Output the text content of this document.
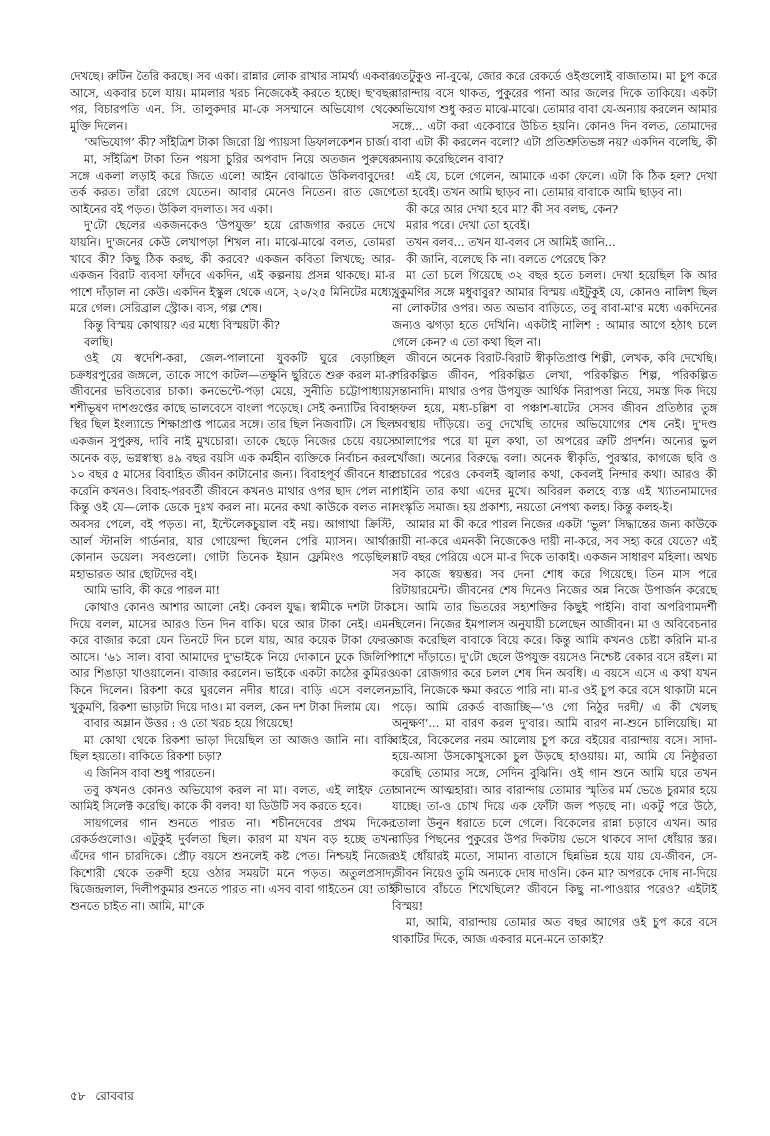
দেখছে। রুটিন তৈরি করছে। সব একা। রান্নার লোক রাখার সামর্থ্য একবার আসে, একবার চলে যায়। মামলার খরচ নিজেকেই করতে হচ্ছে। ছ'বছর পর, বিচারপতি এন. সি. তালুকদার মা-কে সসম্মানে অভিযোগ থেকে মুক্তি দিলেন।

‘অভিযোগ’ কী? সাঁইত্রিশ টাকা জিরো থ্রি প্যায়সা ডিফালকেশন চার্জ।

মা, সাঁইত্রিশ টাকা তিন পয়সা চুরির অপবাদ নিয়ে অতজন পুরুষের সঙ্গে একলা লড়াই করে জিতে এলে! আইন বোঝাতে উকিলবাবুদের! তর্ক করত। তাঁরা রেগে যেতেন। আবার মেনেও নিতেন। রাত জেগে আইনের বই পড়ত। উকিল বদলাত। সব একা।

দু'টো ছেলের একজনকেও ‘উপযুক্ত’ হয়ে রোজগার করতে দেখে যায়নি। দু'জনের কেউ লেখাপড়া শিখল না। মাঝে-মাঝে বলত, তোমরা খাবে কী? কিছু ঠিক করছ, কী করবে? একজন কবিতা লিখছে; আর-একজন বিরাট ব্যবসা ফাঁদবে একদিন, এই কল্পনায় প্রসন্ন থাকছে। মা-র পাশে দাঁড়াল না কেউ। একদিন ইস্কুল থেকে এসে, ২০/২৫ মিনিটের মধ্যে, মরে গেল। সেরিব্রাল স্ট্রোক। ব্যস, গল্প শেষ।

কিন্তু বিস্ময় কোথায়? এর মধ্যে বিস্ময়টা কী?

বলছি।

ওই যে স্বদেশি-করা, জেল-পালানো যুবকটি ঘুরে বেড়াচ্ছিল চক্রধরপুরের জঙ্গলে, তাকে সাপে কাটল—তক্ষুনি ছুরিতে শুরু করল মা-র জীবনের ভবিতব্যের চাকা। কনভেন্টে-পড়া মেয়ে, সুনীতি চট্টোপাধ্যায়, শশীভূষণ দাশগুপ্তের কাছে ভালবেসে বাংলা পড়েছে। সেই কন্যাটির বিবাহ স্থির ছিল ইংল্যান্ডে শিক্ষাপ্রাপ্ত পাত্রের সঙ্গে। তার ছিল নিজবাটি। সে ছিল একজন সুপুরুষ, দাবি নাই মুখচোরা। তাকে ছেড়ে নিজের চেয়ে বয়সে অনেক বড়, ভগ্নস্বাস্থ্য ৪৯ বছর বয়সি এক কর্মহীন ব্যক্তিকে নির্বাচন করল ১০ বছর ৫ মাসের বিবাহিত জীবন কাটানোর জন্য। বিবাহপূর্ব জীবনে ধার করেনি কখনও। বিবাহ-পরবর্তী জীবনে কখনও মাথার ওপর ছাদ পেল না। কিন্তু ওই যে—লোক ডেকে দুঃখ করল না। মনের কথা কাউকে বলত না। অবসর পেলে, বই পড়ত। না, ইন্টেলেকচুয়াল বই নয়। আগাথা ক্রিস্টি, আর্ল স্টানলি গার্ডনার, যার গোয়েন্দা ছিলেন পেরি ম্যাসন। আর্থার কোনান ডয়েল। সবগুলো। গোটা তিনেক ইয়ান ফ্লেমিংও পড়েছিল। মহাভারত আর ছোটদের বই।

আমি ভাবি, কী করে পারল মা!

কোথাও কোনও আশার আলো নেই। কেবল যুদ্ধ। স্বামীকে দশটা টাকা দিয়ে বলল, মাসের আরও তিন দিন বাকি। ঘরে আর টাকা নেই। এমন করে বাজার করো যেন তিনটে দিন চলে যায়, আর কয়েক টাকা ফেরত আসে। '৬১ সাল। বাবা আমাদের দু'ভাইকে নিয়ে দোকানে ঢুকে জিলিপি আর শিঙাড়া খাওয়ালেন। বাজার করলেন। ভাইকে একটা কাঠের কুমিরও কিনে দিলেন। রিকশা করে ঘুরলেন নদীর ধারে। বাড়ি এসে বললেন, খুকুমণি, রিকশা ভাড়াটা দিয়ে দাও। মা বলল, কেন দশ টাকা দিলাম যে।

বাবার অম্লান উত্তর : ও তো খরচ হয়ে গিয়েছে!

মা কোথা থেকে রিকশা ভাড়া দিয়েছিল তা আজও জানি না। বাকি ছিল হয়তো। বাকিতে রিকশা চড়া?

এ জিনিস বাবা শুধু পারতেন।

তবু কখনও কোনও অভিযোগ করল না মা। বলত, এই লাইফ তো আমিই সিলেক্ট করেছি। কাকে কী বলব! যা ডিউটি সব করতে হবে।

সায়গলের গান শুনতে পারত না। শচীনদেবের প্রথম দিকের রেকর্ডগুলোও। এটুকুই দুর্বলতা ছিল। কারণ মা যখন বড় হচ্ছে তখন এঁদের গান চারদিকে। প্রৌঢ় বয়সে শুনলেই কষ্ট পেত। নিশ্চয়ই নিজের কিশোরী থেকে তরুণী হয়ে ওঠার সময়টা মনে পড়ত। অতুলপ্রসাদ, দ্বিজেন্দ্রলাল, দিলীপকুমার শুনতে পারত না। এসব বাবা গাইতেন যে! তাই শুনতে চাইত না। আমি, মা'কে

এতটুকুও না-বুঝে, জোর করে রেকর্ডে ওইগুলোই বাজাতাম। মা চুপ করে বারান্দায় বসে থাকত, পুকুরের পানা আর জলের দিকে তাকিয়ে। একটা অভিযোগ শুধু করত মাঝে-মাঝে। তোমার বাবা যে-অন্যায় করলেন আমার সঙ্গে... এটা করা একেবারে উচিত হয়নি। কোনও দিন বলত, তোমাদের বাবা এটা কী করলেন বলো? এটা প্রতিশ্রুতিভঙ্গ নয়? একদিন বলেছি, কী অন্যায় করেছিলেন বাবা?

এই যে, চলে গেলেন, আমাকে একা ফেলে। এটা কি ঠিক হল? দেখা তো হবেই। তখন আমি ছাড়ব না। তোমার বাবাকে আমি ছাড়ব না।

কী করে আর দেখা হবে মা? কী সব বলছ, কেন?

মরার পরে। দেখা তো হবেই।

তখন বলব... তখন যা-বলব সে আমিই জানি...

কী জানি, বলেছে কি না। বলতে পেরেছে কি?

মা তো চলে গিয়েছে ৩২ বছর হতে চলল। দেখা হয়েছিল কি আর খুকুমণির সঙ্গে মধুবাবুর? আমার বিস্ময় এইটুকুই যে, কোনও নালিশ ছিল না লোকটার ওপর। অত অভাব বাড়িতে, তবু বাবা-মা'র মধ্যে একদিনের জন্যও ঝগড়া হতে দেখিনি। একটাই নালিশ : আমার আগে হঠাৎ চলে গেলে কেন? এ তো কথা ছিল না।

জীবনে অনেক বিরাট-বিরাট স্বীকৃতিপ্রাপ্ত শিল্পী, লেখক, কবি দেখেছি। পরিকল্পিত জীবন, পরিকল্পিত লেখা, পরিকল্পিত শিল্প, পরিকল্পিত সন্তানাদি। মাথার ওপর উপযুক্ত আর্থিক নিরাপত্তা নিয়ে, সমস্ত দিক দিয়ে সফল হয়ে, মধ্য-চল্লিশ বা পঞ্চাশ-ষাটের সেসব জীবন প্রতিষ্ঠার তুঙ্গ অবস্থায় দাঁড়িয়ে। তবু দেখেছি তাদের অভিযোগের শেষ নেই। দু'দণ্ড আলাপের পরে যা মূল কথা, তা অপরের ত্রুটি প্রদর্শন। অন্যের ভুল খোঁজা। অন্যের বিরুদ্ধে বলা। অনেক স্বীকৃতি, পুরস্কার, কাগজে ছবি ও প্রচারের পরেও কেবলই জ্বালার কথা, কেবলই নিন্দার কথা। আরও কী পাইনি তার কথা এদের মুখে। অবিরল কলহে ব্যস্ত এই খ্যাতনামাদের সংস্কৃতি সমাজ। হয় প্রকাশ্য, নয়তো নেপথ্য কলহ। কিন্তু কলহ-ই।

আমার মা কী করে পারল নিজের একটা ‘ভুল’ সিদ্ধান্তের জন্য কাউকে দায়ী না-করে এমনকী নিজেকেও দায়ী না-করে, সব সহ্য করে যেতে? এই ষাট বছর পেরিয়ে এসে মা-র দিকে তাকাই। একজন সাধারণ মহিলা। অথচ সব কাজে স্বয়ম্ভর। সব দেনা শোধ করে গিয়েছে। তিন মাস পরে রিটায়ারমেন্ট। জীবনের শেষ দিনেও নিজের অন্ন নিজে উপার্জন করেছে সে। আমি তার ভিতরের সহ্যশক্তির কিছুই পাইনি। বাবা অপরিণামদর্শী ছিলেন। নিজের ইমপালস অনুযায়ী চলেছেন আজীবন। মা ও অবিবেচনার কাজ করেছিল বাবাকে বিয়ে করে। কিন্তু আমি কখনও চেষ্টা করিনি মা-র পাশে দাঁড়াতে। দু'টো ছেলে উপযুক্ত বয়সেও নিশ্চেষ্ট বেকার বসে রইল। মা একা রোজগার করে চলল শেষ দিন অবধি। এ বয়সে এসে এ কথা যখন ভাবি, নিজেকে ক্ষমা করতে পারি না। মা-র ওই চুপ করে বসে থাকাটা মনে পড়ে। আমি রেকর্ড বাজাচ্ছি—‘ও গো নিঠুর দরদী/ এ কী খেলছ অনুক্ষণ’... মা বারণ করল দু'বার। আমি বারণ না-শুনে চালিয়েছি। মা বাইরে, বিকেলের নরম আলোয় চুপ করে বইয়ের বারান্দায় বসে। সাদা-হয়ে-আসা উসকোখুসকো চুল উড়ছে হাওয়ায়। মা, আমি যে নিষ্ঠুরতা করেছি তোমার সঙ্গে, সেদিন বুঝিনি। ওই গান শুনে আমি ঘরে তখন আনন্দে আত্মহারা। আর বারান্দায় তোমার স্মৃতির মর্ম ভেঙে চুরমার হয়ে যাচ্ছে। তা-ও চোখ দিয়ে এক ফোঁটা জল পড়ছে না। একটু পরে উঠে, তোলা উনুন ধরাতে চলে গেলে। বিকেলের রান্না চড়াবে এখন। আর বাড়ির পিছনের পুকুরের উপর দিকটায় ভেসে থাকবে সাদা ধোঁয়ার স্তর। ওই ধোঁয়ারই মতো, সামান্য বাতাসে ছিন্নভিন্ন হয়ে যায় যে-জীবন, সে-জীবন নিয়েও তুমি অন্যকে দোষ দাওনি। কেন মা? অপরকে দোষ না-দিয়ে কীভাবে বাঁচতে শিখেছিলে? জীবনে কিছু না-পাওয়ার পরেও? এইটাই বিস্ময়!

মা, আমি, বারান্দায় তোমার অত বছর আগের ওই চুপ করে বসে থাকাটির দিকে, আজ একবার মনে-মনে তাকাই?

৫৮ রোববার
